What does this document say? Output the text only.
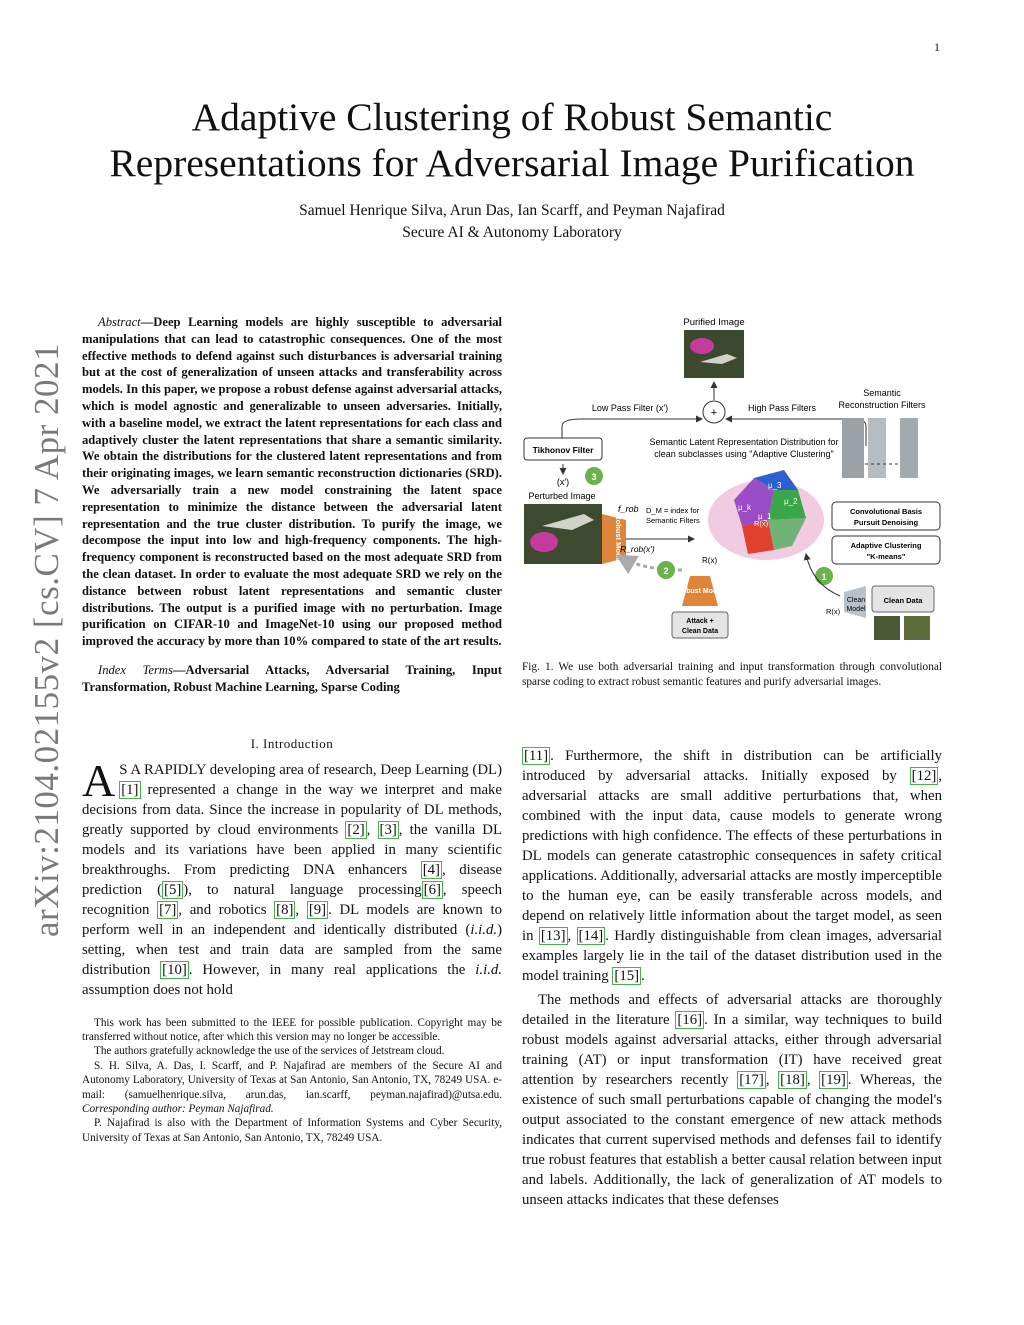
1
arXiv:2104.02155v2 [cs.CV] 7 Apr 2021
Adaptive Clustering of Robust Semantic
Representations for Adversarial Image Purification
Samuel Henrique Silva, Arun Das, Ian Scarff, and Peyman Najafirad
Secure AI & Autonomy Laboratory

Abstract—Deep Learning models are highly susceptible to adversarial manipulations that can lead to catastrophic consequences. One of the most effective methods to defend against such disturbances is adversarial training but at the cost of generalization of unseen attacks and transferability across models. In this paper, we propose a robust defense against adversarial attacks, which is model agnostic and generalizable to unseen adversaries. Initially, with a baseline model, we extract the latent representations for each class and adaptively cluster the latent representations that share a semantic similarity. We obtain the distributions for the clustered latent representations and from their originating images, we learn semantic reconstruction dictionaries (SRD). We adversarially train a new model constraining the latent space representation to minimize the distance between the adversarial latent representation and the true cluster distribution. To purify the image, we decompose the input into low and high-frequency components. The high-frequency component is reconstructed based on the most adequate SRD from the clean dataset. In order to evaluate the most adequate SRD we rely on the distance between robust latent representations and semantic cluster distributions. The output is a purified image with no perturbation. Image purification on CIFAR-10 and ImageNet-10 using our proposed method improved the accuracy by more than 10% compared to state of the art results.

Index Terms—Adversarial Attacks, Adversarial Training, Input Transformation, Robust Machine Learning, Sparse Coding

I. Introduction

A S A RAPIDLY developing area of research, Deep Learning (DL) [1] represented a change in the way we interpret and make decisions from data. Since the increase in popularity of DL methods, greatly supported by cloud environments [2] , [3] , the vanilla DL models and its variations have been applied in many scientific breakthroughs. From predicting DNA enhancers [4] , disease prediction ( [5] ), to natural language processing [6] , speech recognition [7] , and robotics [8] , [9] . DL models are known to perform well in an independent and identically distributed (i.i.d.) setting, when test and train data are sampled from the same distribution [10] . However, in many real applications the i.i.d. assumption does not hold

This work has been submitted to the IEEE for possible publication. Copyright may be transferred without notice, after which this version may no longer be accessible.

The authors gratefully acknowledge the use of the services of Jetstream cloud.

S. H. Silva, A. Das, I. Scarff, and P. Najafirad are members of the Secure AI and Autonomy Laboratory, University of Texas at San Antonio, San Antonio, TX, 78249 USA. e-mail: (samuelhenrique.silva, arun.das, ian.scarff, peyman.najafirad)@utsa.edu. Corresponding author: Peyman Najafirad.

P. Najafirad is also with the Department of Information Systems and Cyber Security, University of Texas at San Antonio, San Antonio, TX, 78249 USA.

Purified Image
+
Low Pass Filter (x′)	High Pass Filters
Semantic
Reconstruction Filters
Tikhonov Filter
Semantic Latent Representation Distribution for
clean subclasses using "Adaptive Clustering"
3
(x′)
Perturbed Image
f_rob
Robust Model
D_M = index for
Semantic Filters
R_rob(x′)
μ_k
μ_1
μ_2
μ_3
R(x)
Convolutional Basis
Pursuit Denoising
Adaptive Clustering
"K-means"
2
R(x)
Robust Model
Attack +
Clean Data
1
Clean
Model
R(x)
Clean Data
Fig. 1. We use both adversarial training and input transformation through convolutional sparse coding to extract robust semantic features and purify adversarial images.

[11] . Furthermore, the shift in distribution can be artificially introduced by adversarial attacks. Initially exposed by [12] , adversarial attacks are small additive perturbations that, when combined with the input data, cause models to generate wrong predictions with high confidence. The effects of these perturbations in DL models can generate catastrophic consequences in safety critical applications. Additionally, adversarial attacks are mostly imperceptible to the human eye, can be easily transferable across models, and depend on relatively little information about the target model, as seen in [13] , [14] . Hardly distinguishable from clean images, adversarial examples largely lie in the tail of the dataset distribution used in the model training [15] .

The methods and effects of adversarial attacks are thoroughly detailed in the literature [16] . In a similar, way techniques to build robust models against adversarial attacks, either through adversarial training (AT) or input transformation (IT) have received great attention by researchers recently [17] , [18] , [19] . Whereas, the existence of such small perturbations capable of changing the model's output associated to the constant emergence of new attack methods indicates that current supervised methods and defenses fail to identify true robust features that establish a better causal relation between input and labels. Additionally, the lack of generalization of AT models to unseen attacks indicates that these defenses
